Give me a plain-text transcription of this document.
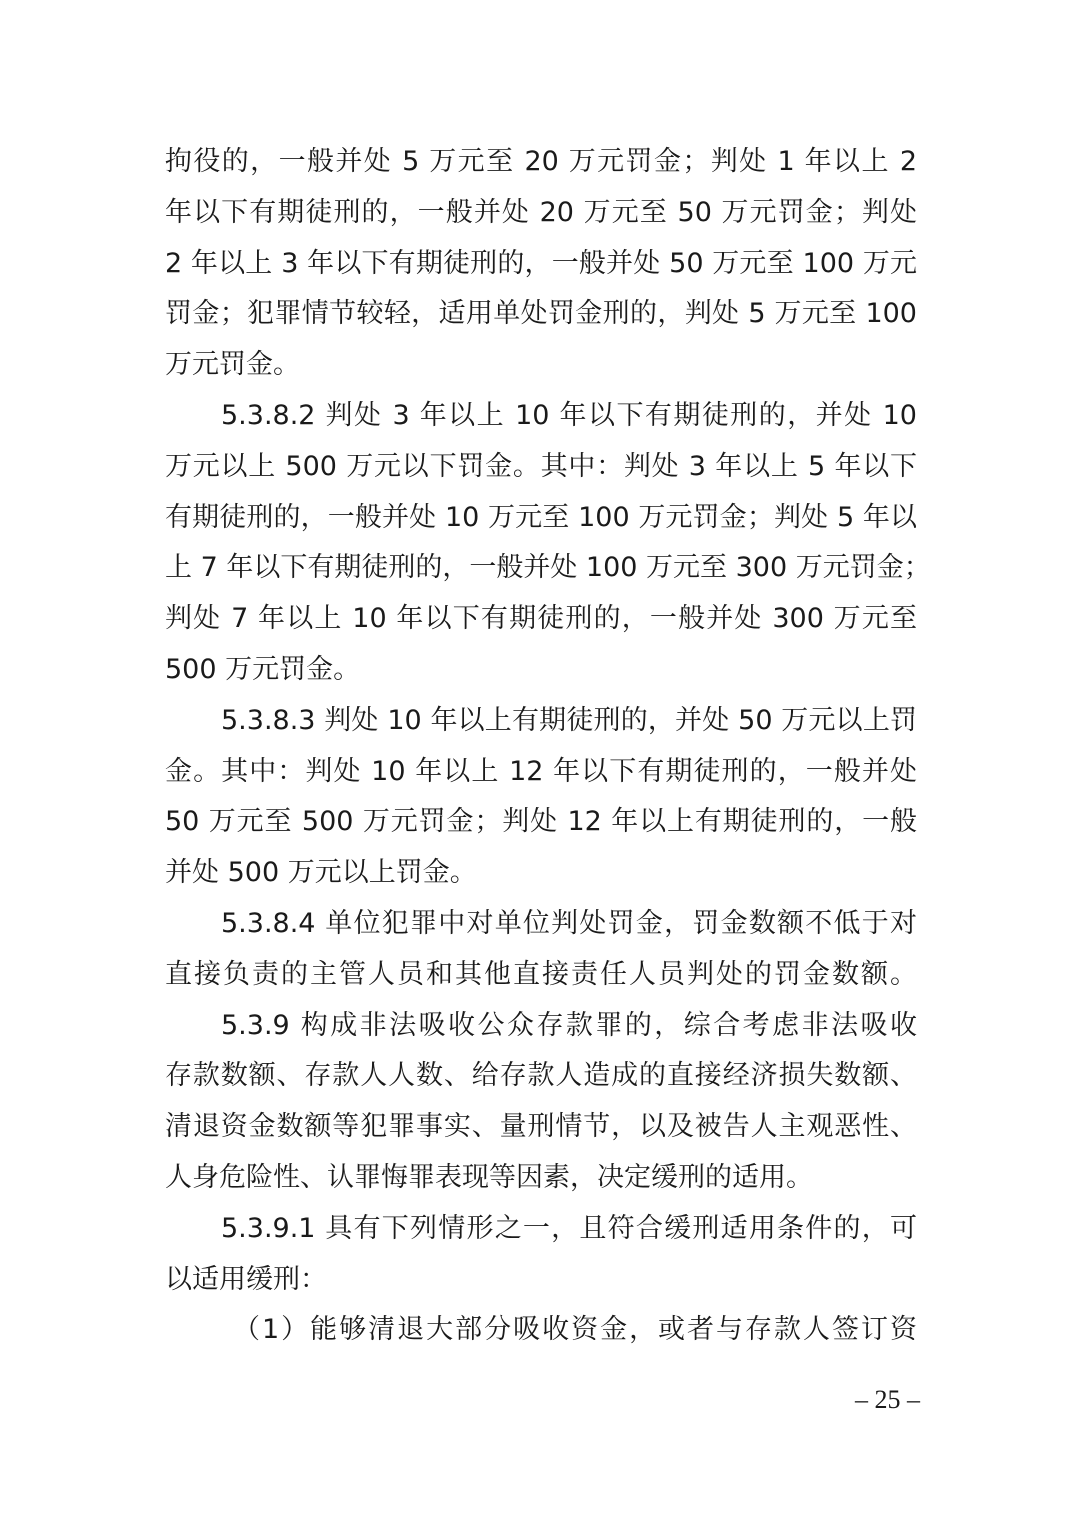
拘役的，一般并处 5 万元至 20 万元罚金；判处 1 年以上 2
年以下有期徒刑的，一般并处 20 万元至 50 万元罚金；判处
2 年以上 3 年以下有期徒刑的，一般并处 50 万元至 100 万元
罚金；犯罪情节较轻，适用单处罚金刑的，判处 5 万元至 100
万元罚金。
5.3.8.2 判处 3 年以上 10 年以下有期徒刑的，并处 10
万元以上 500 万元以下罚金。其中：判处 3 年以上 5 年以下
有期徒刑的，一般并处 10 万元至 100 万元罚金；判处 5 年以
上 7 年以下有期徒刑的，一般并处 100 万元至 300 万元罚金；
判处 7 年以上 10 年以下有期徒刑的，一般并处 300 万元至
500 万元罚金。
5.3.8.3 判处 10 年以上有期徒刑的，并处 50 万元以上罚
金。其中：判处 10 年以上 12 年以下有期徒刑的，一般并处
50 万元至 500 万元罚金；判处 12 年以上有期徒刑的，一般
并处 500 万元以上罚金。
5.3.8.4 单位犯罪中对单位判处罚金，罚金数额不低于对
直接负责的主管人员和其他直接责任人员判处的罚金数额。
5.3.9 构成非法吸收公众存款罪的，综合考虑非法吸收
存款数额、存款人人数、给存款人造成的直接经济损失数额、
清退资金数额等犯罪事实、量刑情节，以及被告人主观恶性、
人身危险性、认罪悔罪表现等因素，决定缓刑的适用。
5.3.9.1 具有下列情形之一，且符合缓刑适用条件的，可
以适用缓刑：
（1）能够清退大部分吸收资金，或者与存款人签订资
– 25 –
